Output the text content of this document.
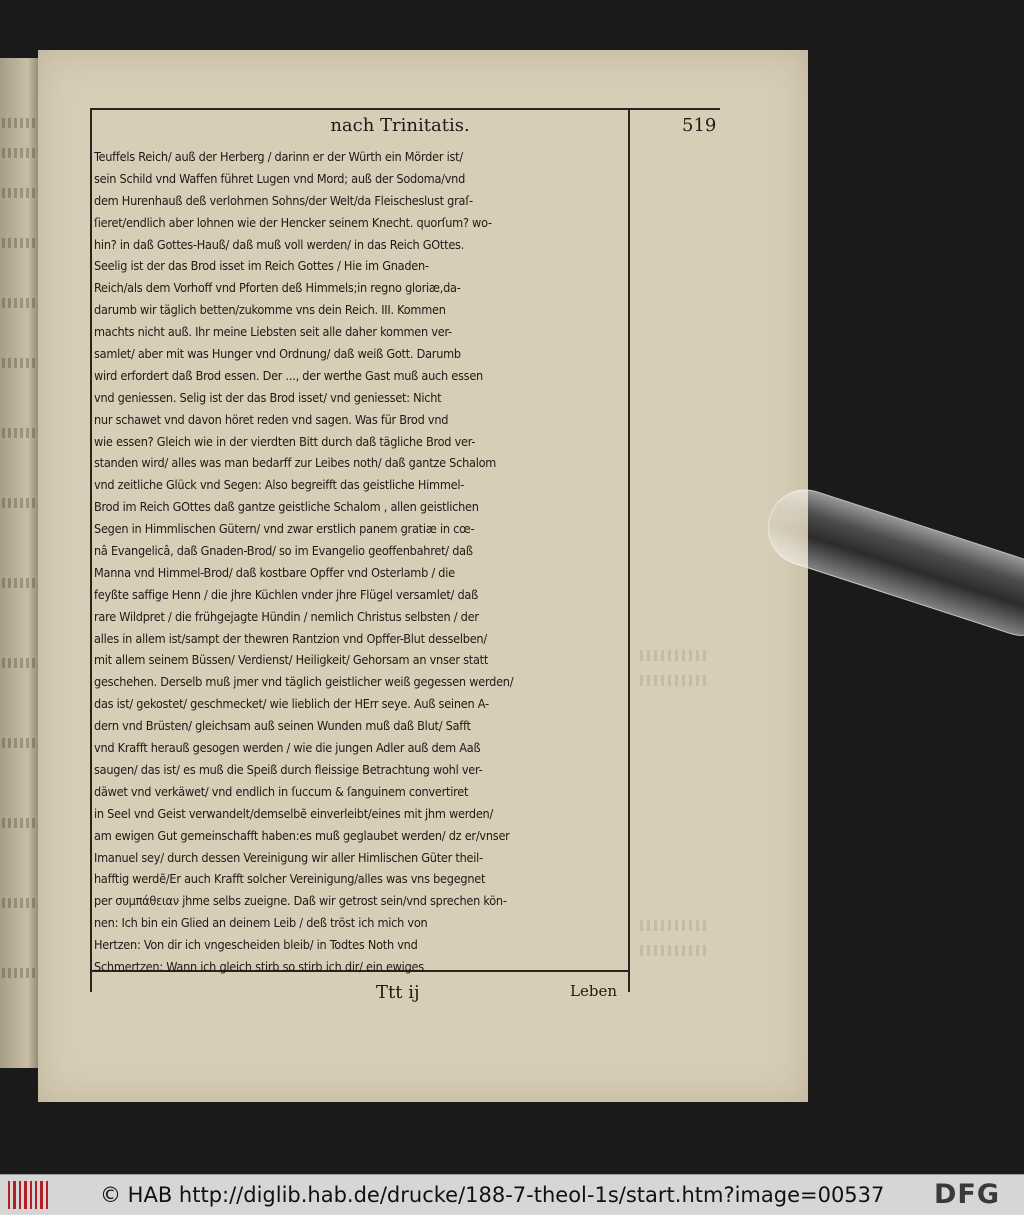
nach Trinitatis.	519
Teuffels Reich/ auß der Herberg / darinn er der Würth ein Mörder ist/
sein Schild vnd Waffen führet Lugen vnd Mord; auß der Sodoma/vnd
dem Hurenhauß deß verlohrnen Sohns/der Welt/da Fleischeslust graſ-
ſieret/endlich aber lohnen wie der Hencker seinem Knecht. quorſum? wo-
hin? in daß Gottes-Hauß/ daß muß voll werden/ in das Reich GOttes.
Seelig ist der das Brod isset im Reich Gottes / Hie im Gnaden-
Reich/als dem Vorhoff vnd Pforten deß Himmels;in regno gloriæ,da-
darumb wir täglich betten/zukomme vns dein Reich. III. Kommen
machts nicht auß. Ihr meine Liebsten seit alle daher kommen ver-
samlet/ aber mit was Hunger vnd Ordnung/ daß weiß Gott. Darumb
wird erfordert daß Brod essen. Der ..., der werthe Gast muß auch essen
vnd geniessen. Selig ist der das Brod isset/ vnd geniesset: Nicht
nur schawet vnd davon höret reden vnd sagen. Was für Brod vnd
wie essen? Gleich wie in der vierdten Bitt durch daß tägliche Brod ver-
standen wird/ alles was man bedarff zur Leibes noth/ daß gantze Schalom
vnd zeitliche Glück vnd Segen: Also begreifft das geistliche Himmel-
Brod im Reich GOttes daß gantze geistliche Schalom , allen geistlichen
Segen in Himmlischen Gütern/ vnd zwar erstlich panem gratiæ in cœ-
nâ Evangelicâ, daß Gnaden-Brod/ so im Evangelio geoffenbahret/ daß
Manna vnd Himmel-Brod/ daß kostbare Opffer vnd Osterlamb / die
feyßte saffige Henn / die jhre Küchlen vnder jhre Flügel versamlet/ daß
rare Wildpret / die frühgejagte Hündin / nemlich Christus selbsten / der
alles in allem ist/sampt der thewren Rantzion vnd Opffer-Blut desselben/
mit allem seinem Büssen/ Verdienst/ Heiligkeit/ Gehorsam an vnser statt
geschehen. Derselb muß jmer vnd täglich geistlicher weiß gegessen werden/
das ist/ gekostet/ geschmecket/ wie lieblich der HErr seye. Auß seinen A-
dern vnd Brüsten/ gleichsam auß seinen Wunden muß daß Blut/ Safft
vnd Krafft herauß gesogen werden / wie die jungen Adler auß dem Aaß
saugen/ das ist/ es muß die Speiß durch fleissige Betrachtung wohl ver-
däwet vnd verkäwet/ vnd endlich in ſuccum & ſanguinem convertiret
in Seel vnd Geist verwandelt/demselbẽ einverleibt/eines mit jhm werden/
am ewigen Gut gemeinschafft haben:es muß geglaubet werden/ dz er/vnser
Imanuel sey/ durch dessen Vereinigung wir aller Himlischen Güter theil-
hafftig werdẽ/Er auch Krafft solcher Vereinigung/alles was vns begegnet
per συμπάθειαν jhme selbs zueigne. Daß wir getrost sein/vnd sprechen kön-
nen: Ich bin ein Glied an deinem Leib / deß tröst ich mich von
Hertzen: Von dir ich vngescheiden bleib/ in Todtes Noth vnd
Schmertzen: Wann ich gleich stirb so stirb ich dir/ ein ewiges
Ttt ij	Leben
© HAB http://diglib.hab.de/drucke/188-7-theol-1s/start.htm?image=00537 DFG
